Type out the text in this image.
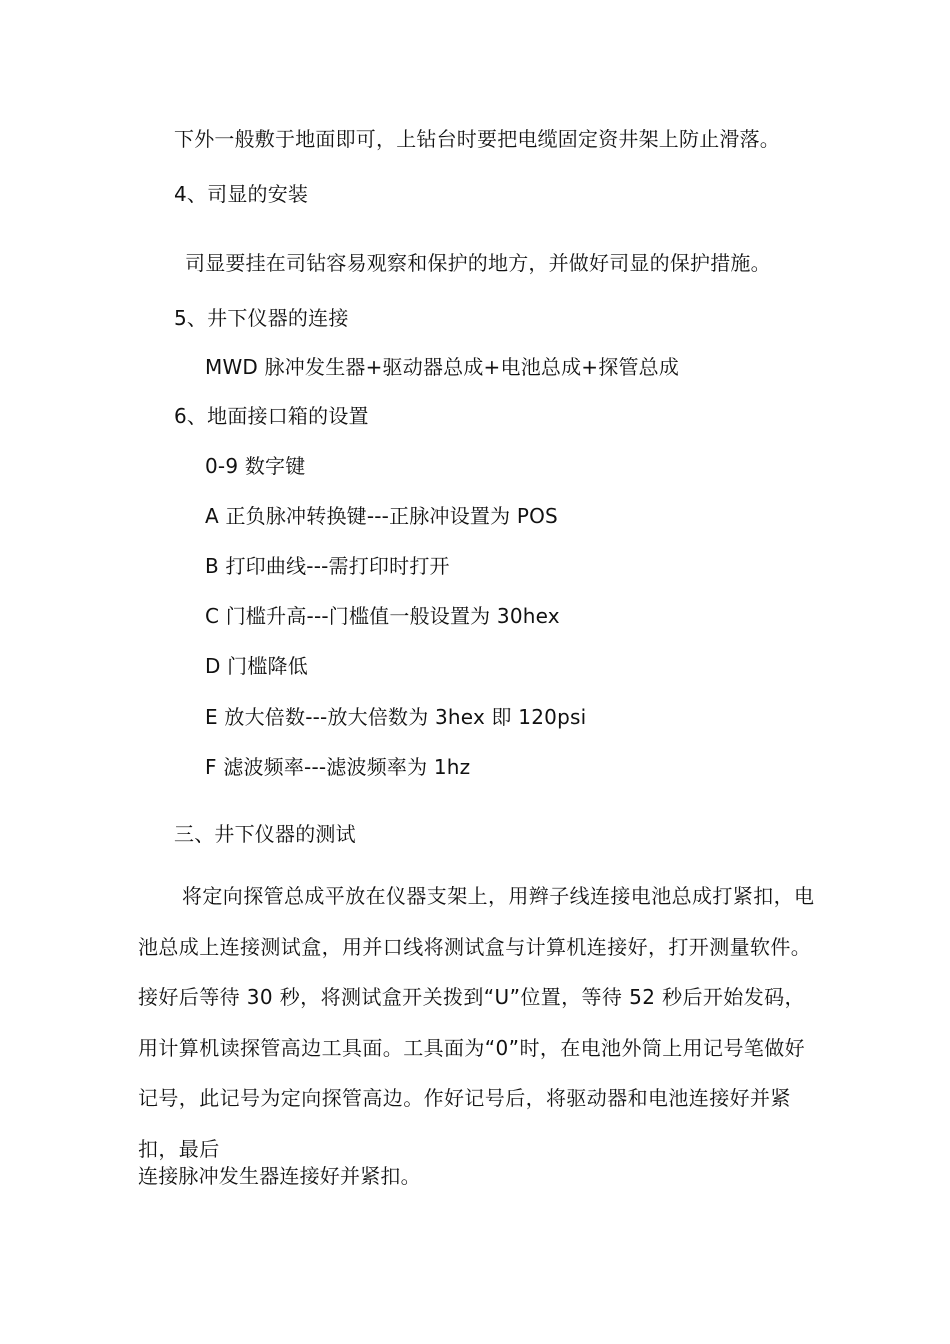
下外一般敷于地面即可，上钻台时要把电缆固定资井架上防止滑落。
4、司显的安装
司显要挂在司钻容易观察和保护的地方，并做好司显的保护措施。
5、井下仪器的连接
MWD 脉冲发生器+驱动器总成+电池总成+探管总成
6、地面接口箱的设置
0-9 数字键
A 正负脉冲转换键---正脉冲设置为 POS
B 打印曲线---需打印时打开
C 门槛升高---门槛值一般设置为 30hex
D 门槛降低
E 放大倍数---放大倍数为 3hex 即 120psi
F 滤波频率---滤波频率为 1hz
三、井下仪器的测试
将定向探管总成平放在仪器支架上，用辫子线连接电池总成打紧扣，电池总成上连接测试盒，用并口线将测试盒与计算机连接好，打开测量软件。接好后等待 30 秒，将测试盒开关拨到“U”位置，等待 52 秒后开始发码，用计算机读探管高边工具面。工具面为“0”时，在电池外筒上用记号笔做好记号，此记号为定向探管高边。作好记号后，将驱动器和电池连接好并紧扣，最后
连接脉冲发生器连接好并紧扣。
